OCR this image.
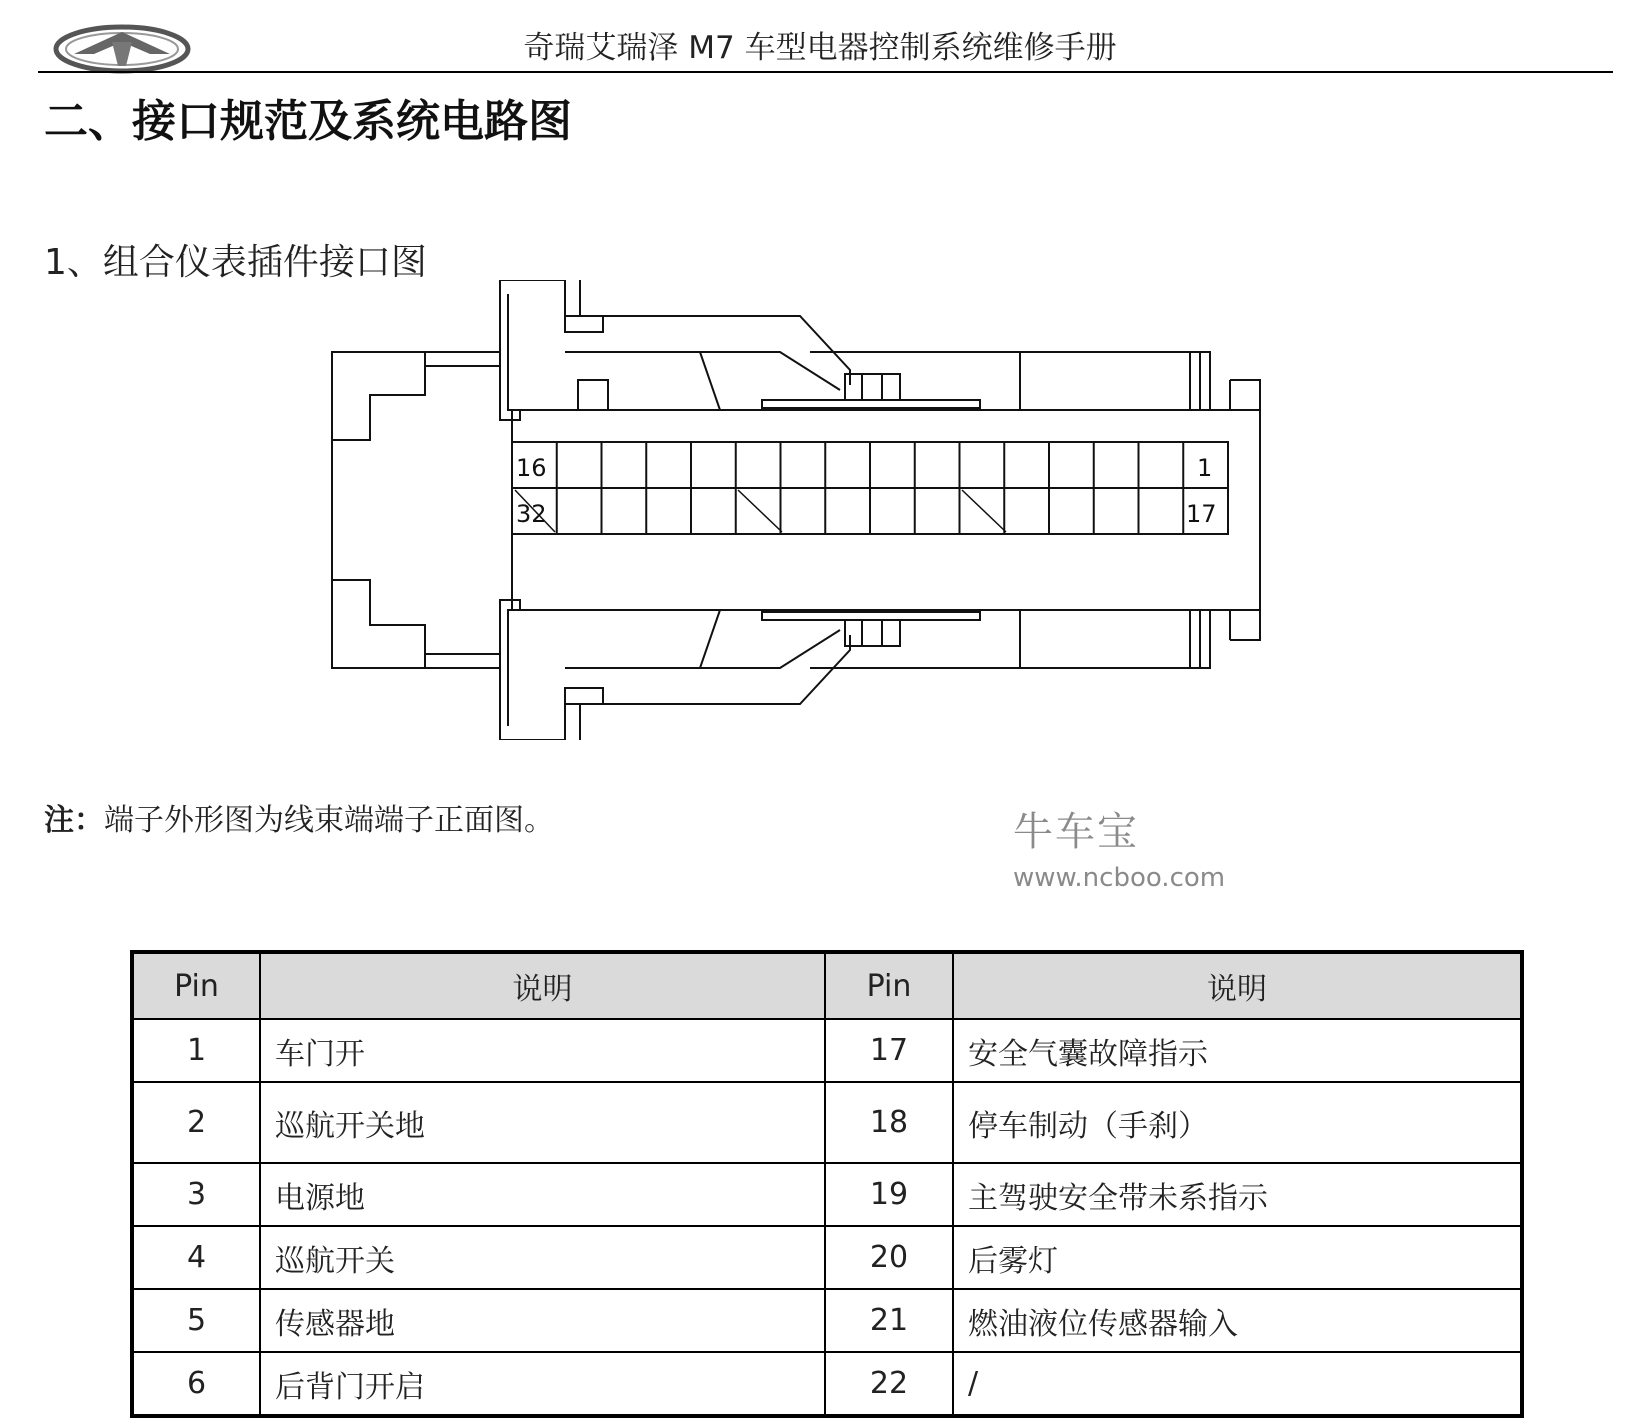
奇瑞艾瑞泽 M7 车型电器控制系统维修手册
二、接口规范及系统电路图
1、组合仪表插件接口图
16
32
1
17
注：端子外形图为线束端端子正面图。	牛车宝
www.ncboo.com
Pin	说明	Pin	说明
1	车门开	17	安全气囊故障指示
2	巡航开关地	18	停车制动（手刹）
3	电源地	19	主驾驶安全带未系指示
4	巡航开关	20	后雾灯
5	传感器地	21	燃油液位传感器输入
6	后背门开启	22	/
